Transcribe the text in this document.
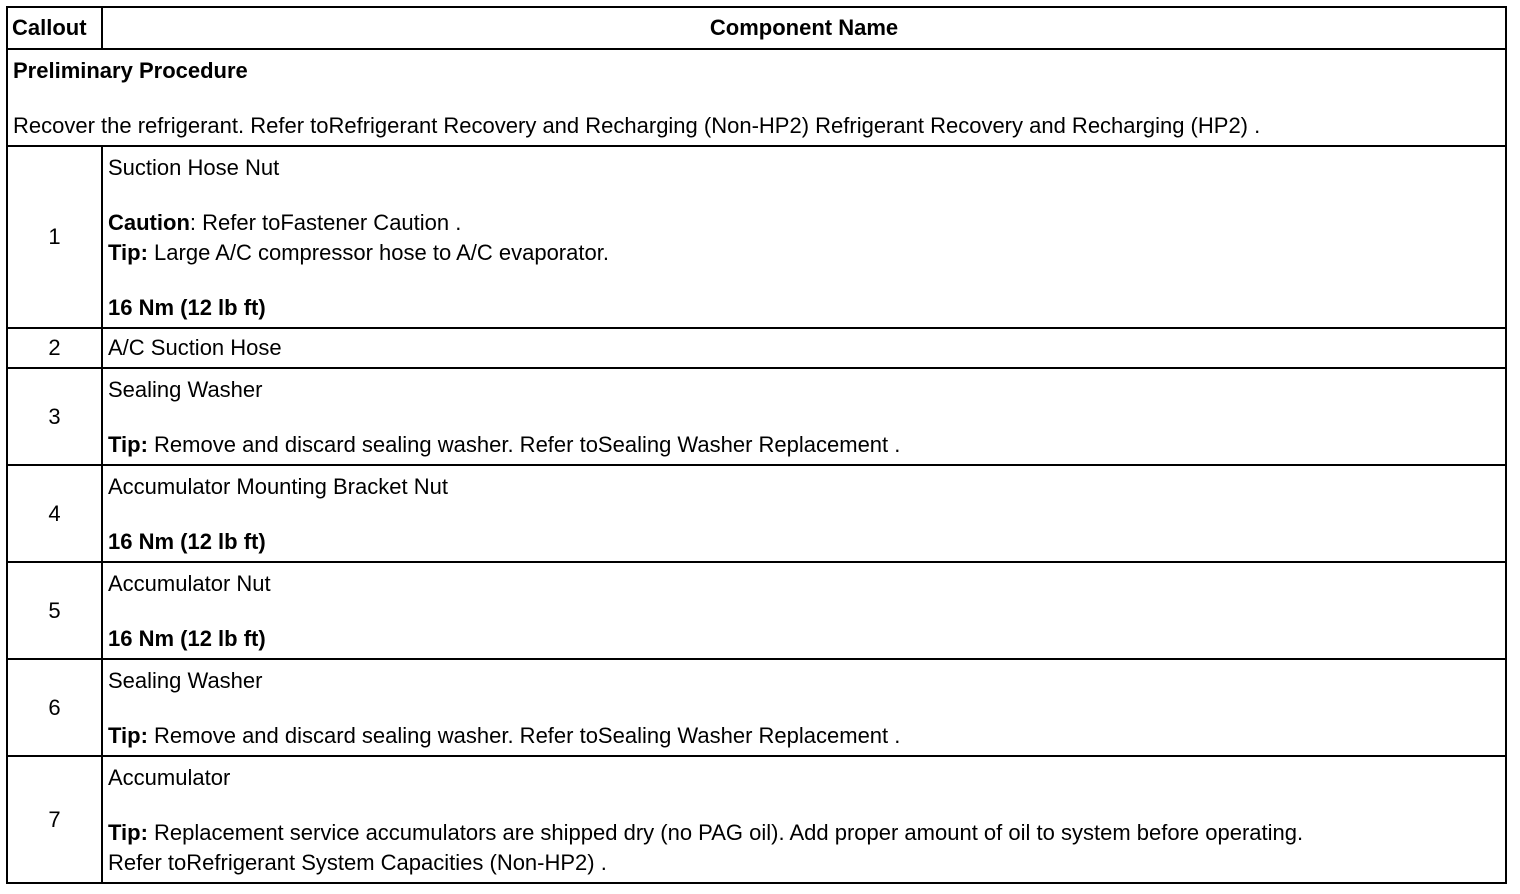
Callout	Component Name

Preliminary Procedure
Recover the refrigerant. Refer toRefrigerant Recovery and Recharging (Non-HP2) Refrigerant Recovery and Recharging (HP2) .	

1	Suction Hose Nut
Caution: Refer toFastener Caution .
Tip: Large A/C compressor hose to A/C evaporator.
16 Nm (12 lb ft)

2	A/C Suction Hose

3	Sealing Washer
Tip: Remove and discard sealing washer. Refer toSealing Washer Replacement .

4	Accumulator Mounting Bracket Nut
16 Nm (12 lb ft)

5	Accumulator Nut
16 Nm (12 lb ft)

6	Sealing Washer
Tip: Remove and discard sealing washer. Refer toSealing Washer Replacement .

7	Accumulator
Tip: Replacement service accumulators are shipped dry (no PAG oil). Add proper amount of oil to system before operating.
Refer toRefrigerant System Capacities (Non-HP2) .
